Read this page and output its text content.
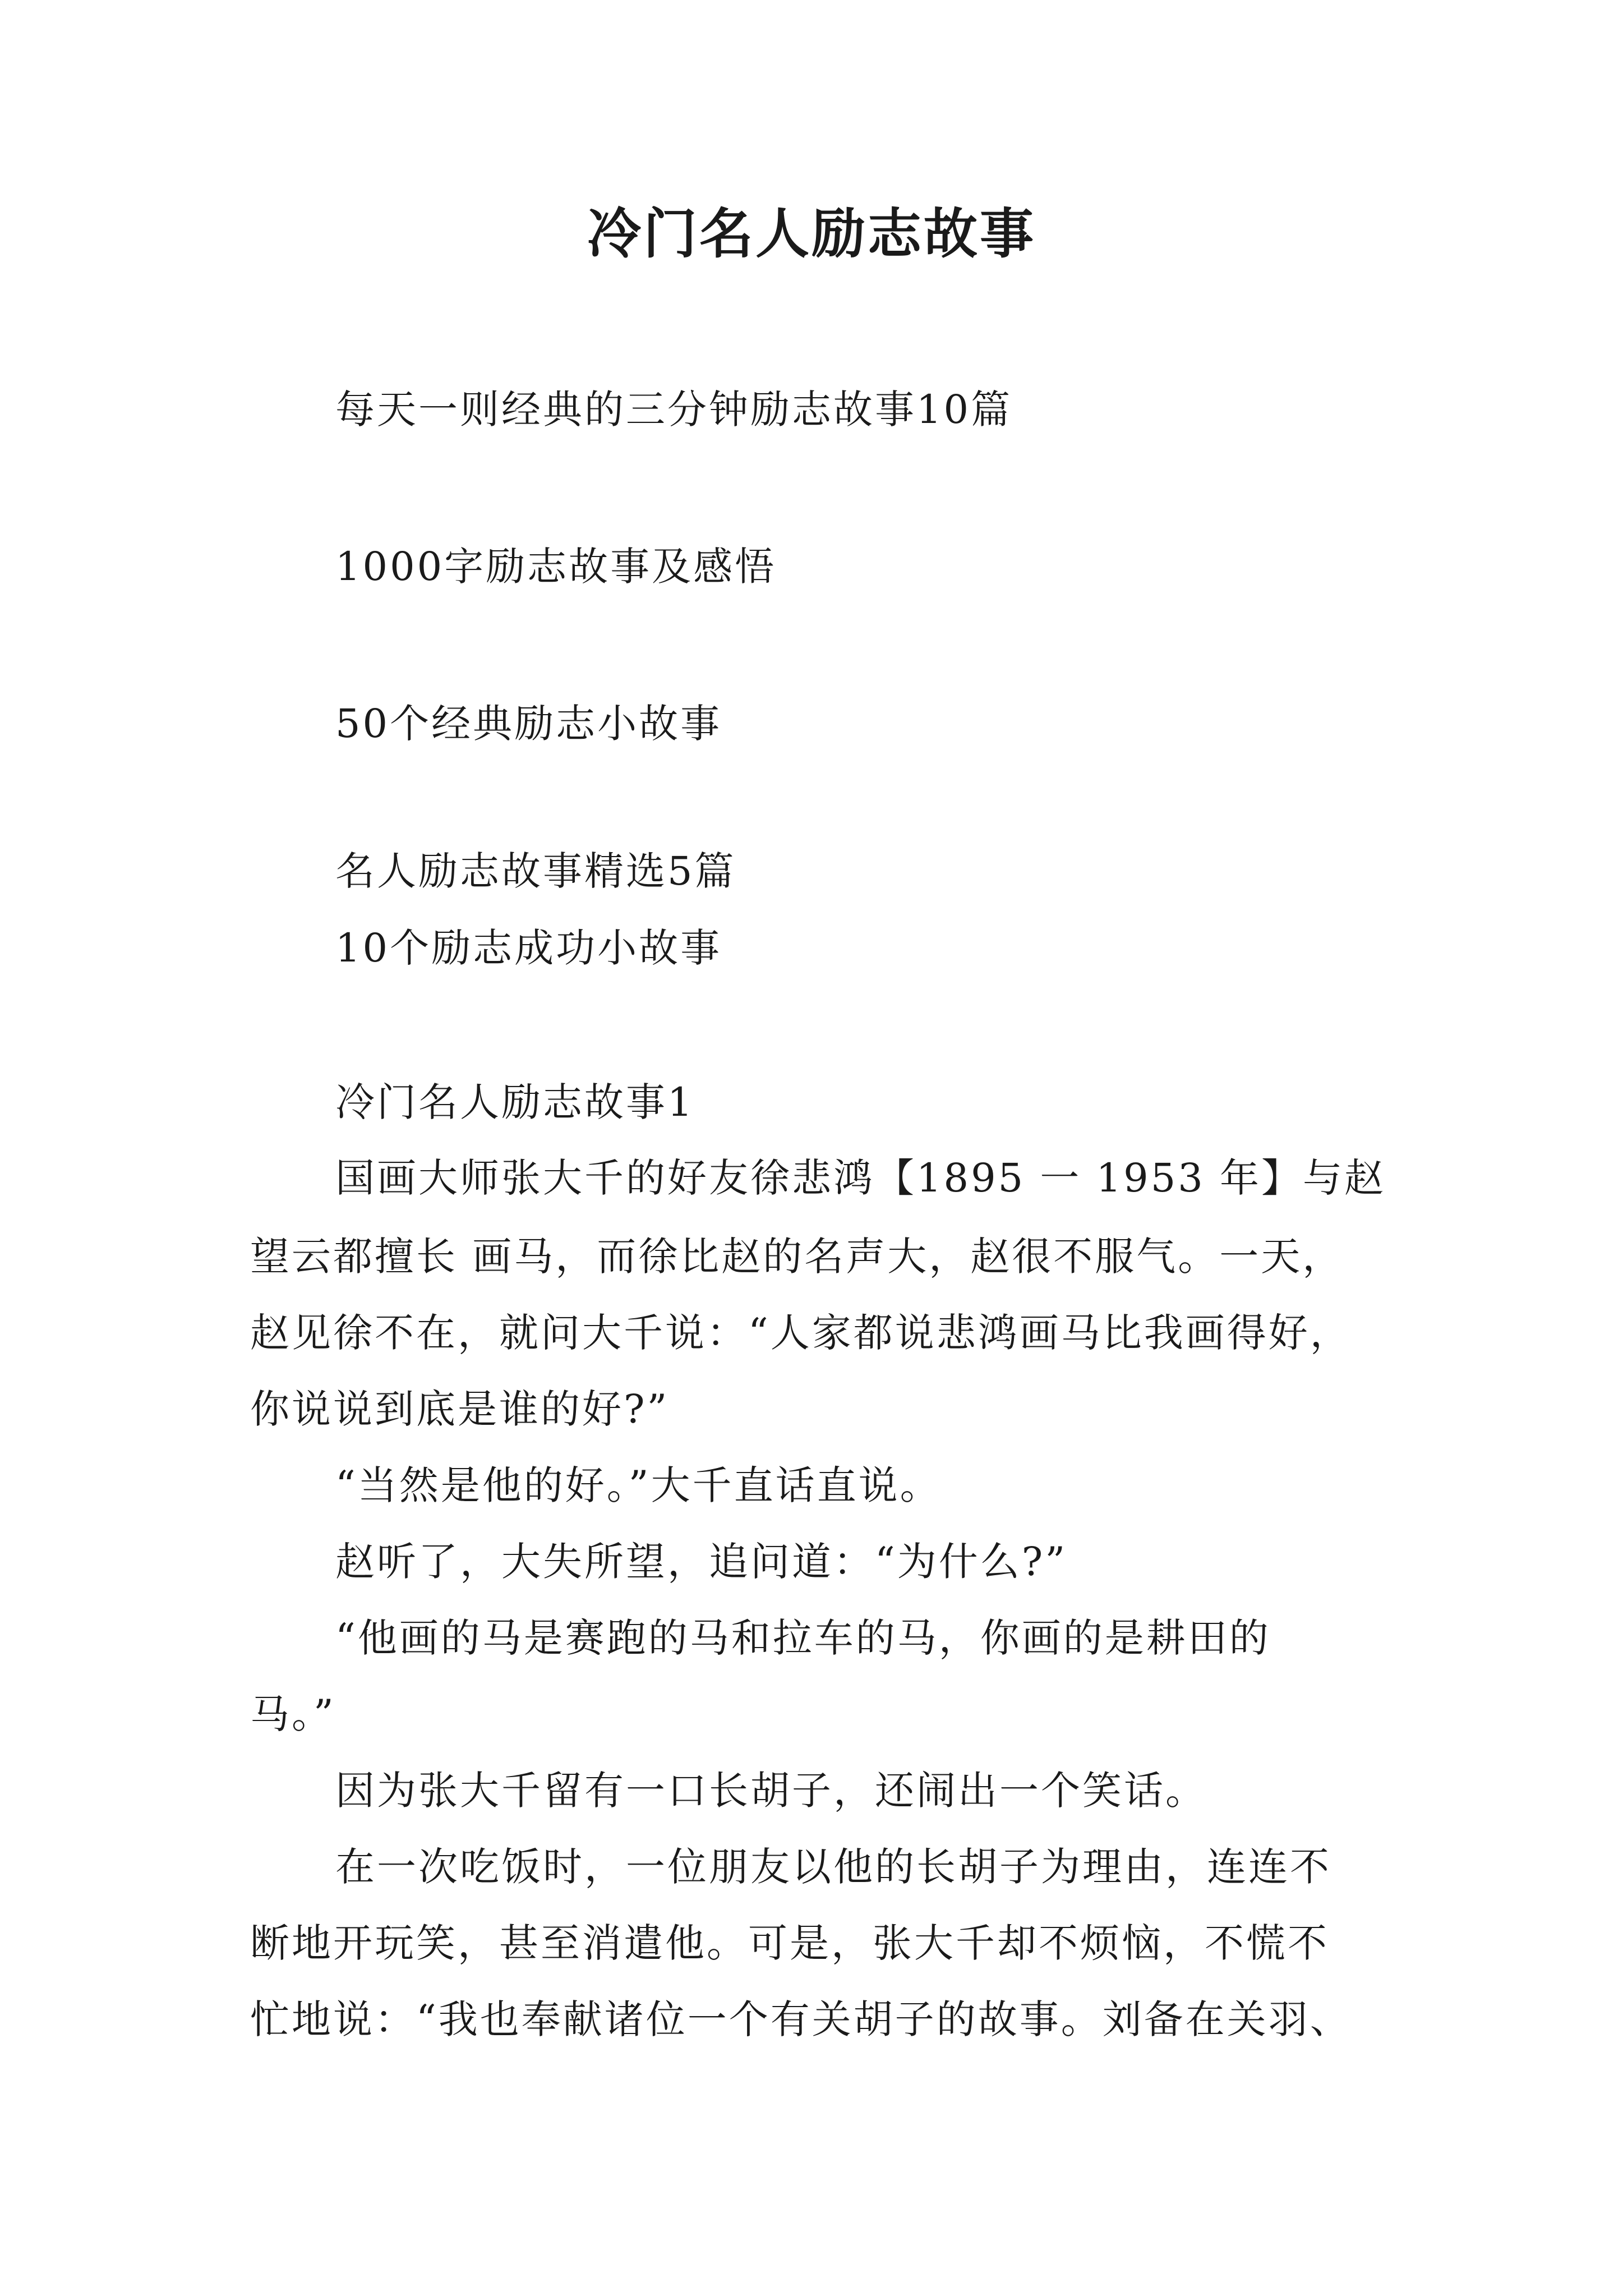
冷门名人励志故事
每天一则经典的三分钟励志故事10篇
1000字励志故事及感悟
50个经典励志小故事
名人励志故事精选5篇
10个励志成功小故事
冷门名人励志故事1
国画大师张大千的好友徐悲鸿【1895 一 1953 年】与赵
望云都擅长 画马，而徐比赵的名声大，赵很不服气。一天，
赵见徐不在，就问大千说：“人家都说悲鸿画马比我画得好，
你说说到底是谁的好?”
“当然是他的好。”大千直话直说。
赵听了，大失所望，追问道：“为什么?”
“他画的马是赛跑的马和拉车的马，你画的是耕田的
马。”
因为张大千留有一口长胡子，还闹出一个笑话。
在一次吃饭时，一位朋友以他的长胡子为理由，连连不
断地开玩笑，甚至消遣他。可是，张大千却不烦恼，不慌不
忙地说：“我也奉献诸位一个有关胡子的故事。刘备在关羽、
